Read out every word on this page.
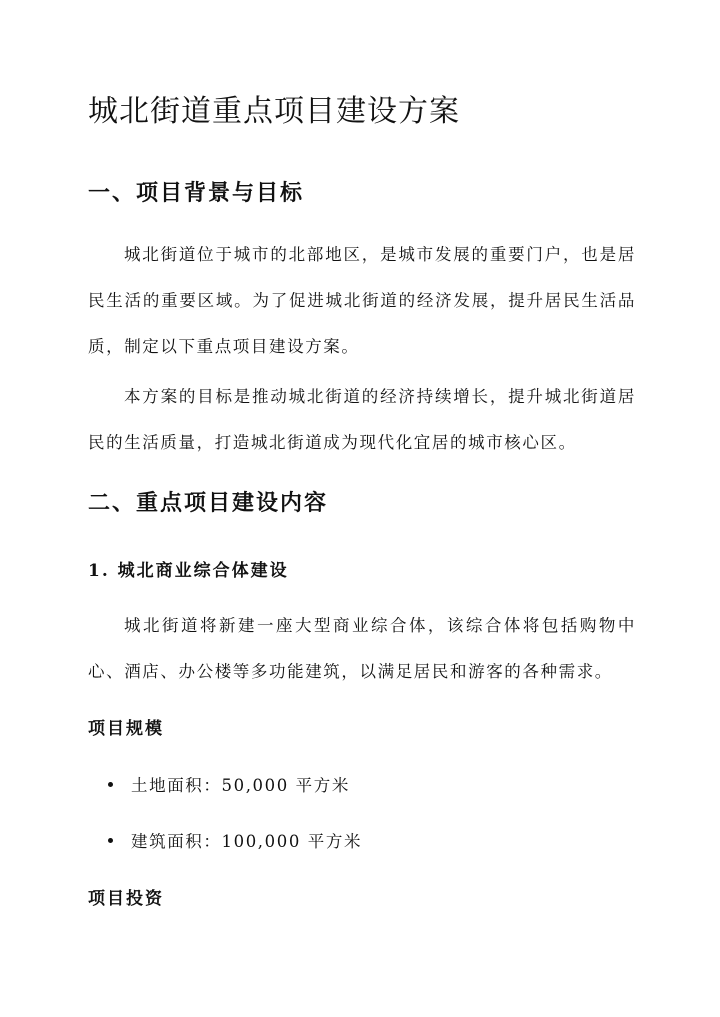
城北街道重点项目建设方案
一、项目背景与目标

城北街道位于城市的北部地区，是城市发展的重要门户，也是居民生活的重要区域。为了促进城北街道的经济发展，提升居民生活品质，制定以下重点项目建设方案。

本方案的目标是推动城北街道的经济持续增长，提升城北街道居民的生活质量，打造城北街道成为现代化宜居的城市核心区。

二、重点项目建设内容
1. 城北商业综合体建设

城北街道将新建一座大型商业综合体，该综合体将包括购物中心、酒店、办公楼等多功能建筑，以满足居民和游客的各种需求。

项目规模
土地面积：50,000 平方米
建筑面积：100,000 平方米
项目投资
